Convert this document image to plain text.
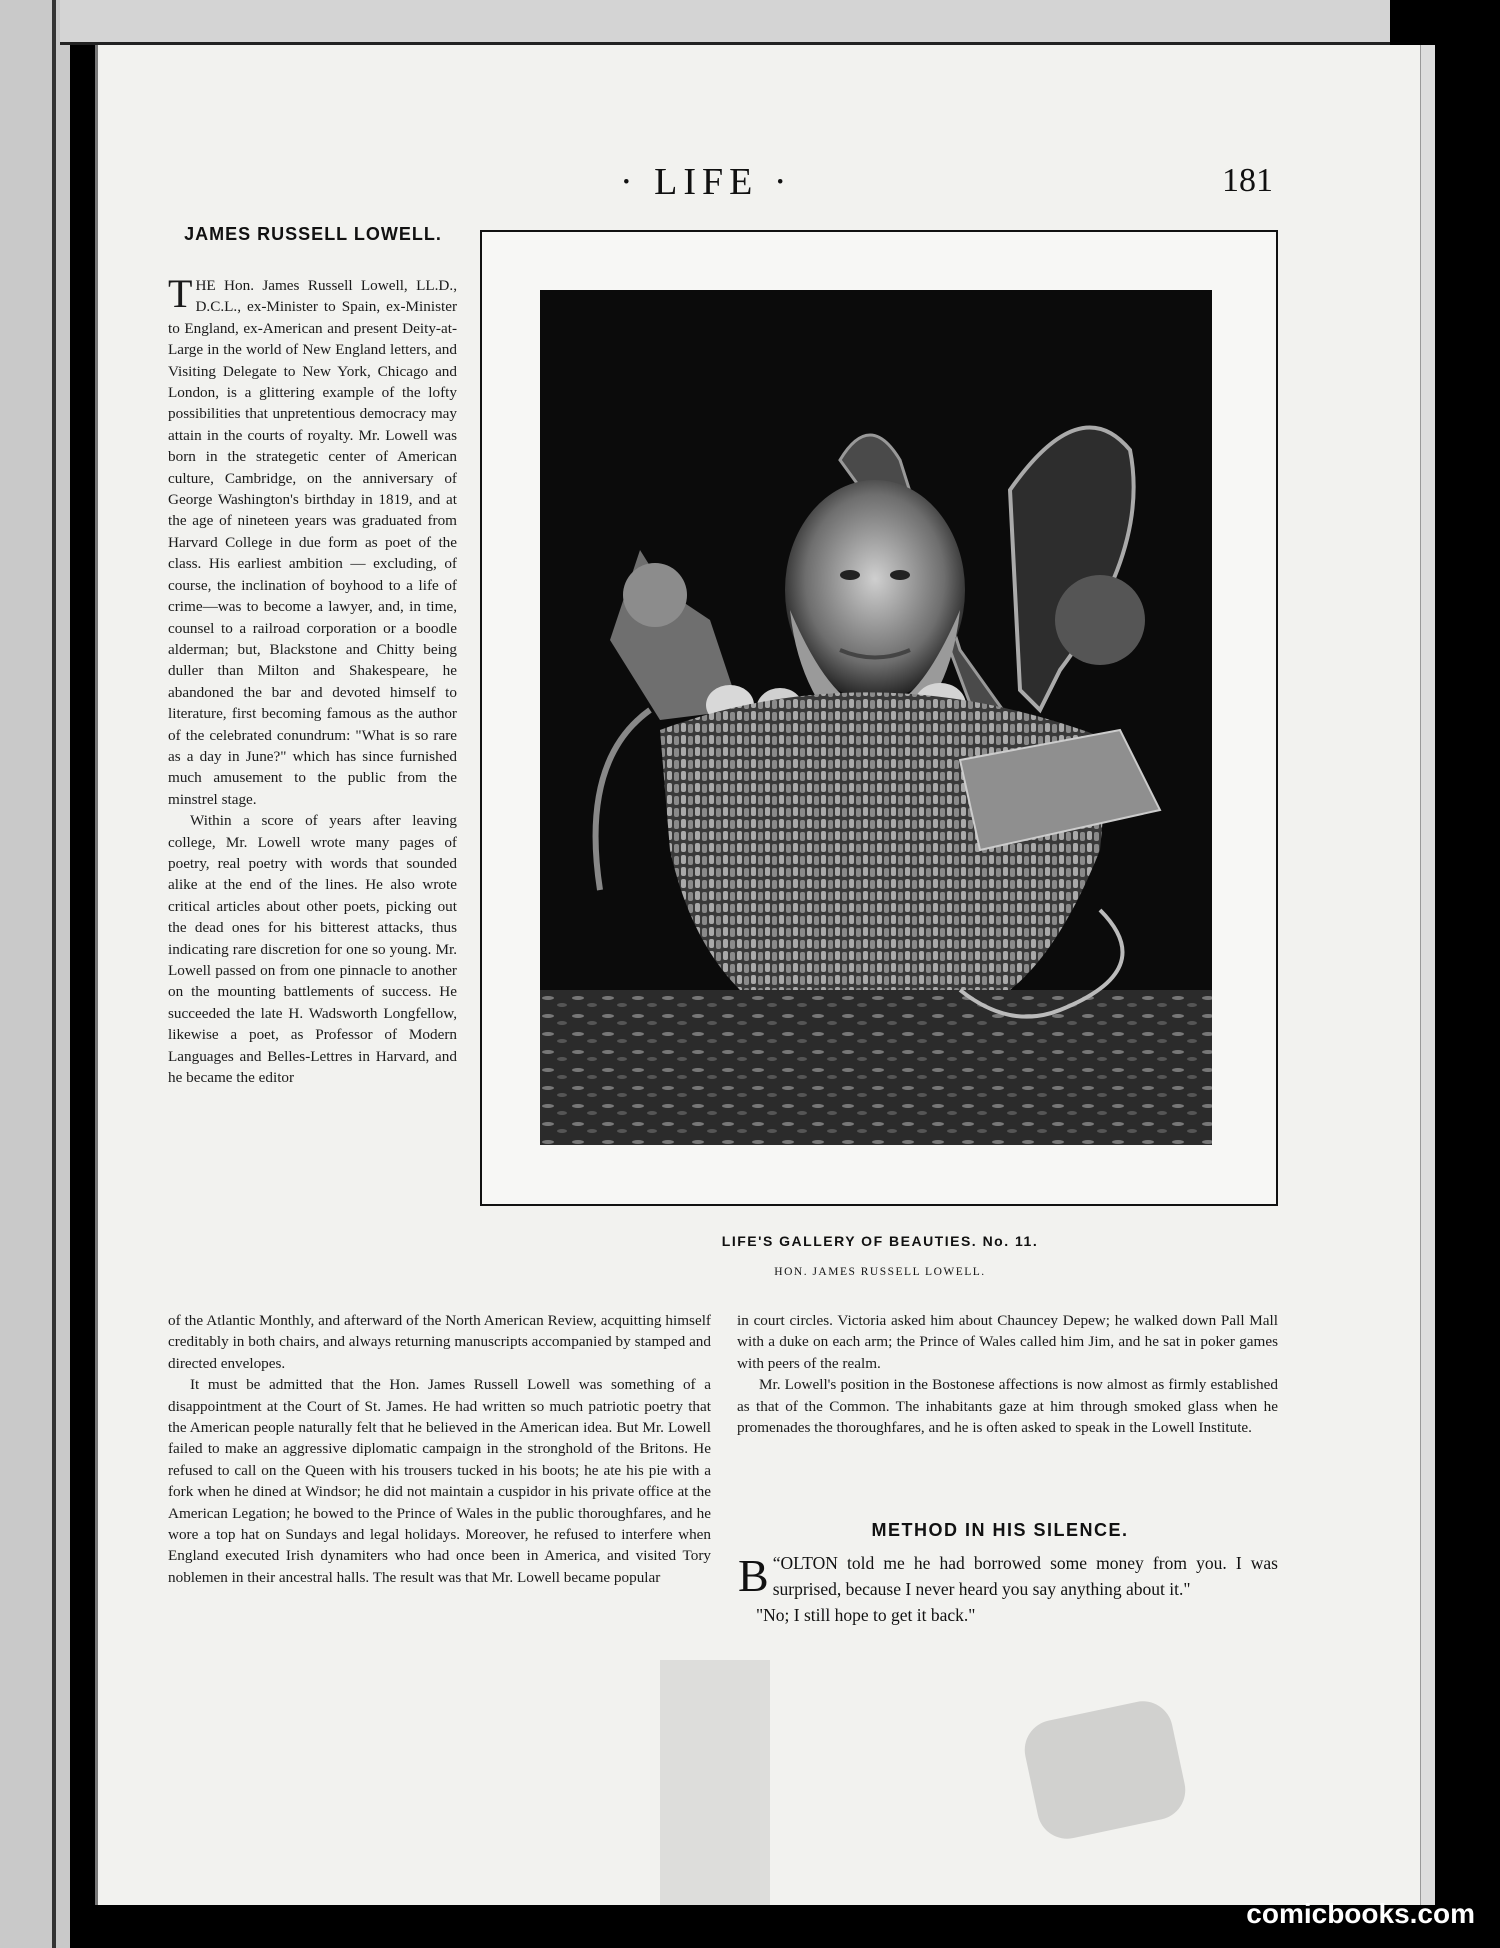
· LIFE ·	181
JAMES RUSSELL LOWELL.

THE Hon. James Russell Lowell, LL.D., D.C.L., ex-Minister to Spain, ex-Minister to England, ex-American and present Deity-at-Large in the world of New England letters, and Visiting Delegate to New York, Chicago and London, is a glittering example of the lofty possibilities that unpretentious democracy may attain in the courts of royalty. Mr. Lowell was born in the strategetic center of American culture, Cambridge, on the anniversary of George Washington's birthday in 1819, and at the age of nineteen years was graduated from Harvard College in due form as poet of the class. His earliest ambition — excluding, of course, the inclination of boyhood to a life of crime—was to become a lawyer, and, in time, counsel to a railroad corporation or a boodle alderman; but, Blackstone and Chitty being duller than Milton and Shakespeare, he abandoned the bar and devoted himself to literature, first becoming famous as the author of the celebrated conundrum: "What is so rare as a day in June?" which has since furnished much amusement to the public from the minstrel stage.

Within a score of years after leaving college, Mr. Lowell wrote many pages of poetry, real poetry with words that sounded alike at the end of the lines. He also wrote critical articles about other poets, picking out the dead ones for his bitterest attacks, thus indicating rare discretion for one so young. Mr. Lowell passed on from one pinnacle to another on the mounting battlements of success. He succeeded the late H. Wadsworth Longfellow, likewise a poet, as Professor of Modern Languages and Belles-Lettres in Harvard, and he became the editor

of the Atlantic Monthly, and afterward of the North American Review, acquitting himself creditably in both chairs, and always returning manuscripts accompanied by stamped and directed envelopes.

It must be admitted that the Hon. James Russell Lowell was something of a disappointment at the Court of St. James. He had written so much patriotic poetry that the American people naturally felt that he believed in the American idea. But Mr. Lowell failed to make an aggressive diplomatic campaign in the stronghold of the Britons. He refused to call on the Queen with his trousers tucked in his boots; he ate his pie with a fork when he dined at Windsor; he did not maintain a cuspidor in his private office at the American Legation; he bowed to the Prince of Wales in the public thoroughfares, and he wore a top hat on Sundays and legal holidays. Moreover, he refused to interfere when England executed Irish dynamiters who had once been in America, and visited Tory noblemen in their ancestral halls. The result was that Mr. Lowell became popular

in court circles. Victoria asked him about Chauncey Depew; he walked down Pall Mall with a duke on each arm; the Prince of Wales called him Jim, and he sat in poker games with peers of the realm.

Mr. Lowell's position in the Bostonese affections is now almost as firmly established as that of the Common. The inhabitants gaze at him through smoked glass when he promenades the thoroughfares, and he is often asked to speak in the Lowell Institute.

LIFE'S GALLERY OF BEAUTIES. No. 11.
HON. JAMES RUSSELL LOWELL.
METHOD IN HIS SILENCE.

“
B OLTON told me he had borrowed some money from you. I was surprised, because I never heard you say anything about it."

"No; I still hope to get it back."

comicbooks.com
